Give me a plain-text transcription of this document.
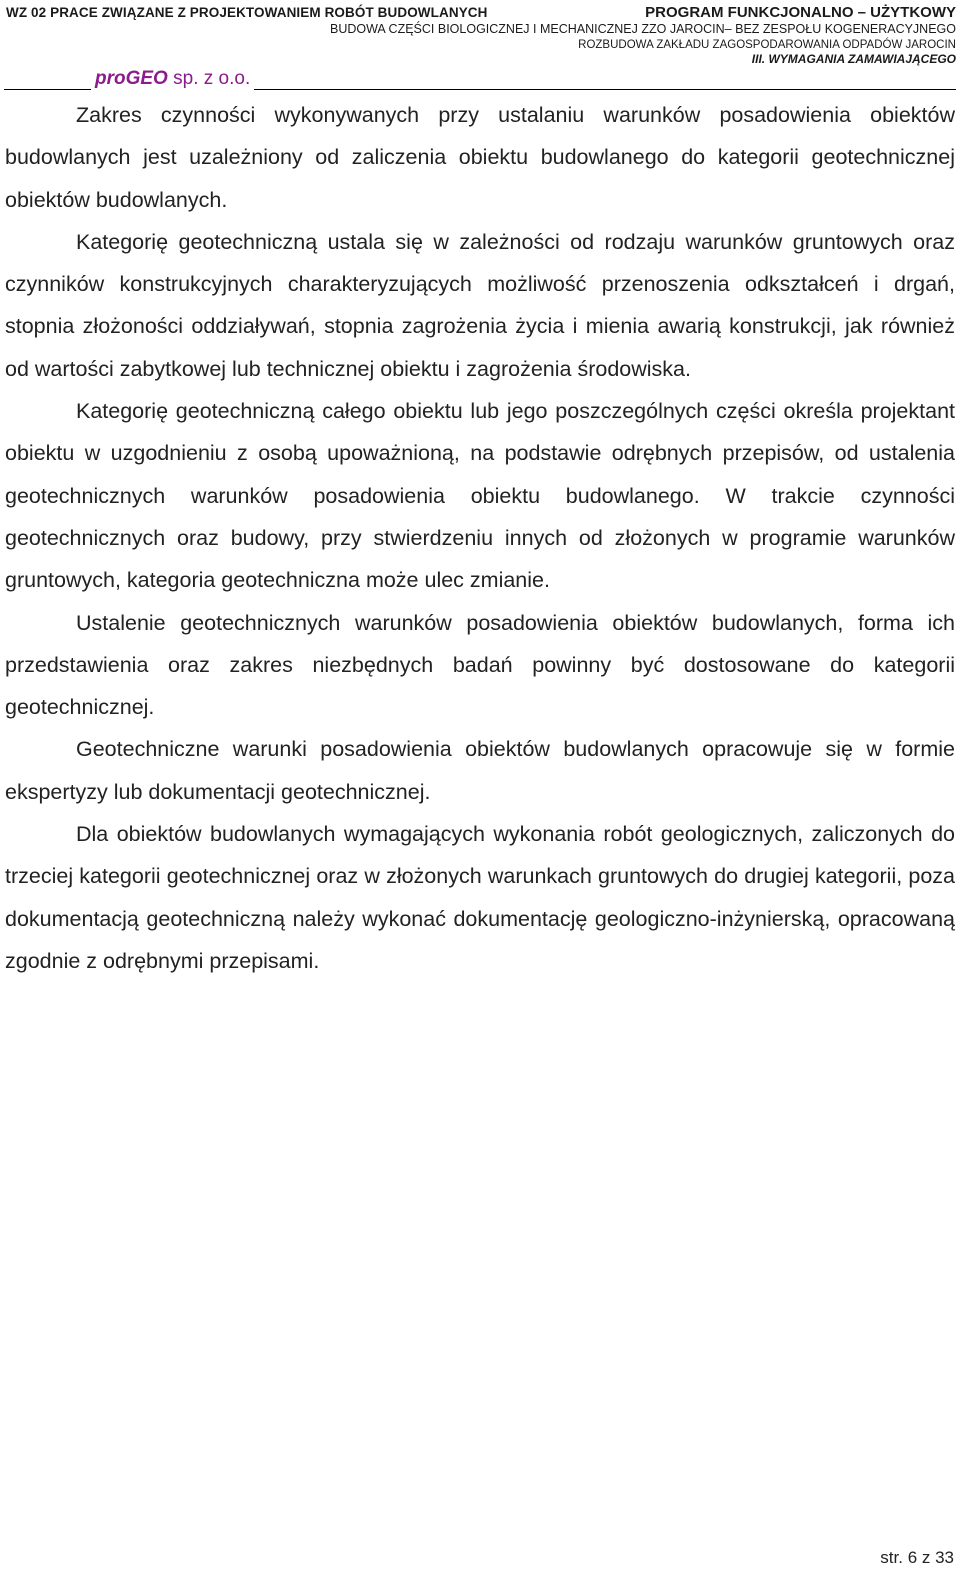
WZ 02 PRACE ZWIĄZANE Z PROJEKTOWANIEM ROBÓT BUDOWLANYCH	PROGRAM FUNKCJONALNO – UŻYTKOWY
BUDOWA CZĘŚCI BIOLOGICZNEJ I MECHANICZNEJ ZZO JAROCIN– BEZ ZESPOŁU KOGENERACYJNEGO
ROZBUDOWA ZAKŁADU ZAGOSPODAROWANIA ODPADÓW JAROCIN
III. WYMAGANIA ZAMAWIAJĄCEGO
proGEO sp. z o.o.

Zakres czynności wykonywanych przy ustalaniu warunków posadowienia obiektów budowlanych jest uzależniony od zaliczenia obiektu budowlanego do kategorii geotechnicznej obiektów budowlanych.

Kategorię geotechniczną ustala się w zależności od rodzaju warunków gruntowych oraz czynników konstrukcyjnych charakteryzujących możliwość przenoszenia odkształceń i drgań, stopnia złożoności oddziaływań, stopnia zagrożenia życia i mienia awarią konstrukcji, jak również od wartości zabytkowej lub technicznej obiektu i zagrożenia środowiska.

Kategorię geotechniczną całego obiektu lub jego poszczególnych części określa projektant obiektu w uzgodnieniu z osobą upoważnioną, na podstawie odrębnych przepisów, od ustalenia geotechnicznych warunków posadowienia obiektu budowlanego. W trakcie czynności geotechnicznych oraz budowy, przy stwierdzeniu innych od złożonych w programie warunków gruntowych, kategoria geotechniczna może ulec zmianie.

Ustalenie geotechnicznych warunków posadowienia obiektów budowlanych, forma ich przedstawienia oraz zakres niezbędnych badań powinny być dostosowane do kategorii geotechnicznej.

Geotechniczne warunki posadowienia obiektów budowlanych opracowuje się w formie ekspertyzy lub dokumentacji geotechnicznej.

Dla obiektów budowlanych wymagających wykonania robót geologicznych, zaliczonych do trzeciej kategorii geotechnicznej oraz w złożonych warunkach gruntowych do drugiej kategorii, poza dokumentacją geotechniczną należy wykonać dokumentację geologiczno-inżynierską, opracowaną zgodnie z odrębnymi przepisami.

str. 6 z 33
